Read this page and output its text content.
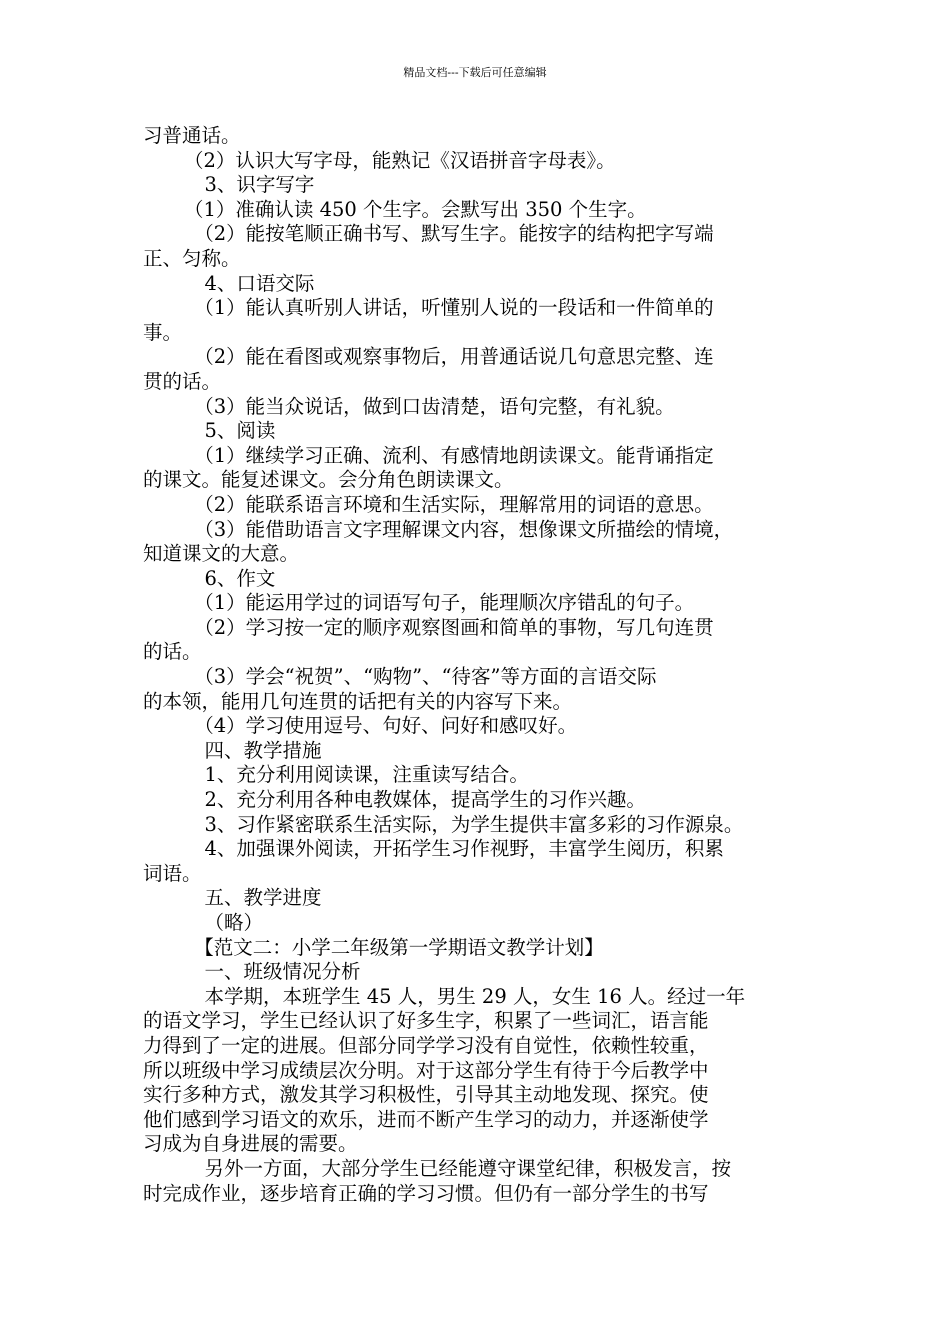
精品文档---下载后可任意编辑
习普通话。
（2）认识大写字母，能熟记《汉语拼音字母表》。
3、识字写字
（1）准确认读 450 个生字。会默写出 350 个生字。
（2）能按笔顺正确书写、默写生字。能按字的结构把字写端
正、匀称。
4、口语交际
（1）能认真听别人讲话，听懂别人说的一段话和一件简单的
事。
（2）能在看图或观察事物后，用普通话说几句意思完整、连
贯的话。
（3）能当众说话，做到口齿清楚，语句完整，有礼貌。
5、阅读
（1）继续学习正确、流利、有感情地朗读课文。能背诵指定
的课文。能复述课文。会分角色朗读课文。
（2）能联系语言环境和生活实际，理解常用的词语的意思。
（3）能借助语言文字理解课文内容，想像课文所描绘的情境，
知道课文的大意。
6、作文
（1）能运用学过的词语写句子，能理顺次序错乱的句子。
（2）学习按一定的顺序观察图画和简单的事物，写几句连贯
的话。
（3）学会“祝贺”、“购物”、“待客”等方面的言语交际
的本领，能用几句连贯的话把有关的内容写下来。
（4）学习使用逗号、句好、问好和感叹好。
四、教学措施
1、充分利用阅读课，注重读写结合。
2、充分利用各种电教媒体，提高学生的习作兴趣。
3、习作紧密联系生活实际，为学生提供丰富多彩的习作源泉。
4、加强课外阅读，开拓学生习作视野，丰富学生阅历，积累
词语。
五、教学进度
（略）
【范文二：小学二年级第一学期语文教学计划】
一、班级情况分析
本学期，本班学生 45 人，男生 29 人，女生 16 人。经过一年
的语文学习，学生已经认识了好多生字，积累了一些词汇，语言能
力得到了一定的进展。但部分同学学习没有自觉性，依赖性较重，
所以班级中学习成绩层次分明。对于这部分学生有待于今后教学中
实行多种方式，激发其学习积极性，引导其主动地发现、探究。使
他们感到学习语文的欢乐，进而不断产生学习的动力，并逐渐使学
习成为自身进展的需要。
另外一方面，大部分学生已经能遵守课堂纪律，积极发言，按
时完成作业，逐步培育正确的学习习惯。但仍有一部分学生的书写
